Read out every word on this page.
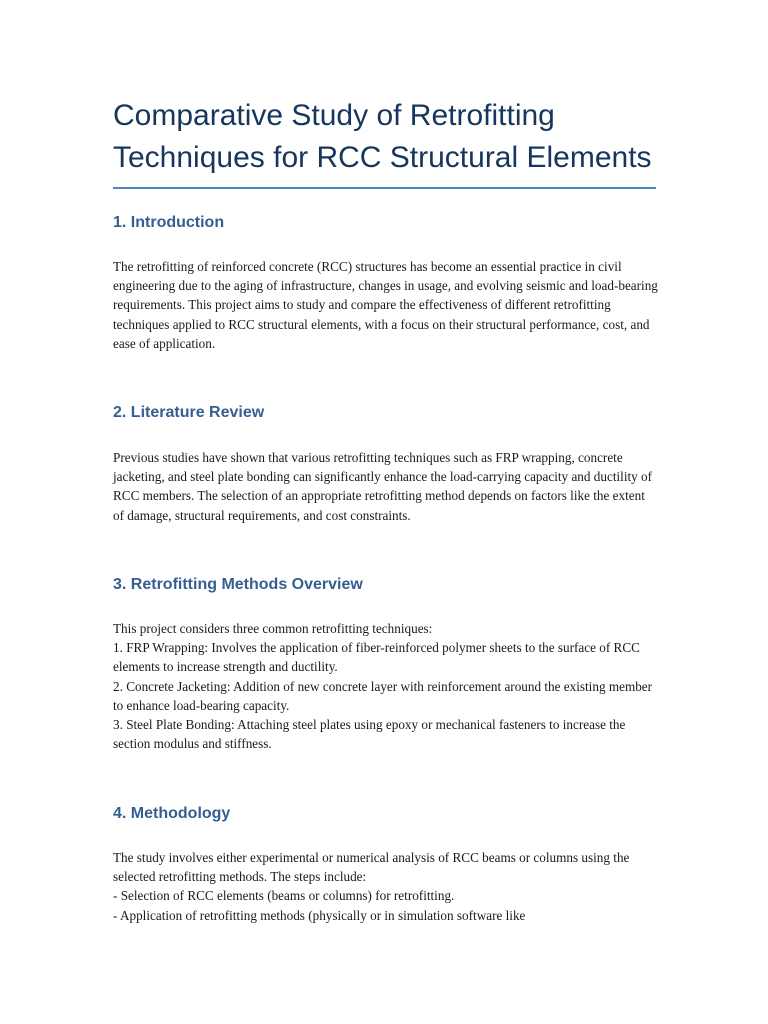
Comparative Study of Retrofitting Techniques for RCC Structural Elements
1. Introduction

The retrofitting of reinforced concrete (RCC) structures has become an essential practice in civil engineering due to the aging of infrastructure, changes in usage, and evolving seismic and load-bearing requirements. This project aims to study and compare the effectiveness of different retrofitting techniques applied to RCC structural elements, with a focus on their structural performance, cost, and ease of application.

2. Literature Review

Previous studies have shown that various retrofitting techniques such as FRP wrapping, concrete jacketing, and steel plate bonding can significantly enhance the load-carrying capacity and ductility of RCC members. The selection of an appropriate retrofitting method depends on factors like the extent of damage, structural requirements, and cost constraints.

3. Retrofitting Methods Overview

This project considers three common retrofitting techniques:
1. FRP Wrapping: Involves the application of fiber-reinforced polymer sheets to the surface of RCC elements to increase strength and ductility.
2. Concrete Jacketing: Addition of new concrete layer with reinforcement around the existing member to enhance load-bearing capacity.
3. Steel Plate Bonding: Attaching steel plates using epoxy or mechanical fasteners to increase the section modulus and stiffness.

4. Methodology

The study involves either experimental or numerical analysis of RCC beams or columns using the selected retrofitting methods. The steps include:
- Selection of RCC elements (beams or columns) for retrofitting.
- Application of retrofitting methods (physically or in simulation software like
